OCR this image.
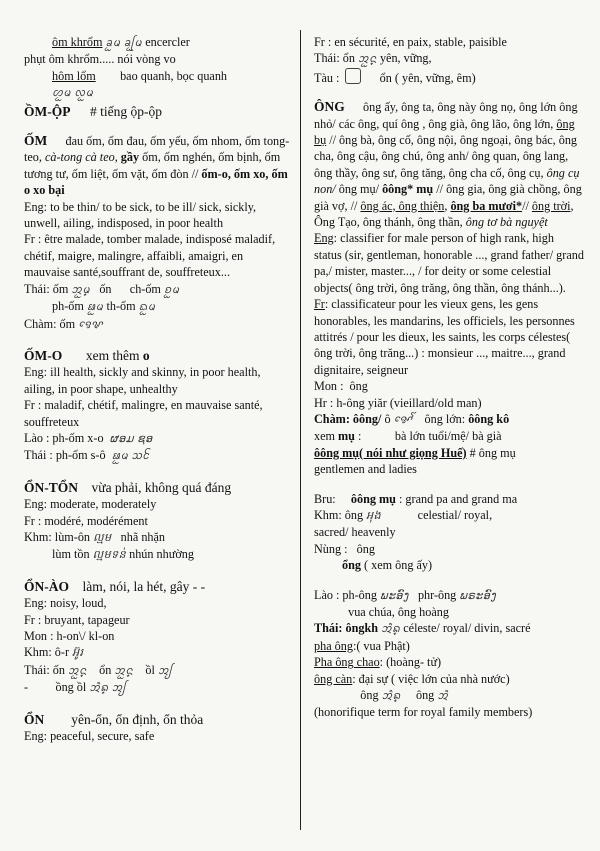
ôm khrổm ᨡᩬᨾ ᨡᩕᩬᨾ encercler
phụt ôm khrổm..... nói vòng vo
hôm lổm        bao quanh, bọc quanh
ᩉᩬᨾ ᩃᩬᨾ
ỒM-ỘP      # tiếng ộp-ộp
ỐM      đau ốm, ốm đau, ốm yếu, ốm nhom, ốm tong-teo, cà-tong cà teo, gầy ốm, ốm nghén, ốm bịnh, ốm tương tư, ốm liệt, ốm vặt, ốm đòn // ốm-o, ốm xo, ốm o xo bại
Eng: to be thin/ to be sick, to be ill/ sick, sickly, unwell, ailing, indisposed, in poor health
Fr : être malade, tomber malade, indisposé maladif, chétif, maigre, malingre, affaibli, amaigri, en mauvaise santé,souffrant de, souffreteux...
Thái: ốm ᩋᩬ᩠ᨾ   ốn      ch-ốm ᨧᩬᨾ
ph-ốm ᨹᩬᨾ th-ốm ᨳᩬᨾ
Chàm: ốm ꨅꨯꨟ
ỐM-O       xem thêm o
Eng: ill health, sickly and skinny, in poor health, ailing, in poor shape, unhealthy
Fr : maladif, chétif, malingre, en mauvaise santé, souffreteux
Lào : ph-ốm x-o  ຜອມ ຊອ
Thái : ph-ốm s-ô  ᨹᩬᨾ ᩈᩰ
ỔN-TỔN    vừa phải, không quá đáng
Eng: moderate, moderately
Fr : modéré, modérément
Khm: lùm-ôn ល្មម   nhã nhặn
lùm tồn ល្មមទន់ nhún nhường
ỔN-ÀO    làm, nói, la hét, gây - -
Eng: noisy, loud,
Fr : bruyant, tapageur
Mon : h-on\/ kl-on
Khm: ô-r អ៊ូរ
Thái: ốn ᩋᩬ᩠ᨶ    ổn ᩋᩬ᩠ᨶ    ồl ᩋᩭ
-         ồng ồl ᩋᩫ᩠ᨦ ᩋᩭ
ỔN        yên-ổn, ổn định, ổn thỏa
Eng: peaceful, secure, safe
Fr : en sécurité, en paix, stable, paisible
Thái: ổn ᩋᩬ᩠ᨶ yên, vững,
Tàu :      ổn ( yên, vững, êm)
ÔNG      ông ấy, ông ta, ông này ông nọ, ông lớn ông nhỏ/ các ông, quí ông , ông già, ông lão, ông lớn, ông bụ // ông bà, ông cố, ông nội, ông ngoại, ông bác, ông cha, ông cậu, ông chú, ông anh/ ông quan, ông lang, ông thầy, ông sư, ông tăng, ông cha cố, ông cụ, ông cụ non/ ông mụ/ ôông* mụ // ông gia, ông già chồng, ông già vợ, // ông ác, ông thiện, ông ba mươi*// ông trời, Ông Tạo, ông thánh, ông thần, ông tơ bà nguyệt
Eng: classifier for male person of high rank, high status (sir, gentleman, honorable ..., grand father/ grand pa,/ mister, master..., / for deity or some celestial objects( ông trời, ông trăng, ông thần, ông thánh...).
Fr: classificateur pour les vieux gens, les gens honorables, les mandarins, les officiels, les personnes attitrés / pour les dieux, les saints, les corps célestes( ông trời, ông trăng...) : monsieur ..., maitre..., grand dignitaire, seigneur
Mon :  ông
Hr : h-ông yiăr (vieillard/old man)
Chàm: ôông/ ô ꨀꨯꨱ    ông lớn: ôông kô
xem mụ :           bà lớn tuổi/mệ/ bà già
ôông mụ( nói như giọng Huế) # ông mụ
gentlemen and ladies
Bru:     ôông mụ : grand pa and grand ma
Khm: ông អុង            celestial/ royal,
sacred/ heavenly
Nùng :   ông
ổng ( xem ông ấy)
Lào : ph-ông ພະອົງ   phr-ông ພຣະອົງ
vua chúa, ông hoàng
Thái: ôngkh ᩋᩫ᩠ᨦ céleste/ royal/ divin, sacré
pha ông:( vua Phật)
Pha ông chao: (hoàng- tử)
ông càn: đại sự ( việc lớn của nhà nước)
ông ᩋᩫ᩠ᨦ     ông ᩋᩫ
(honorifique term for royal family members)
